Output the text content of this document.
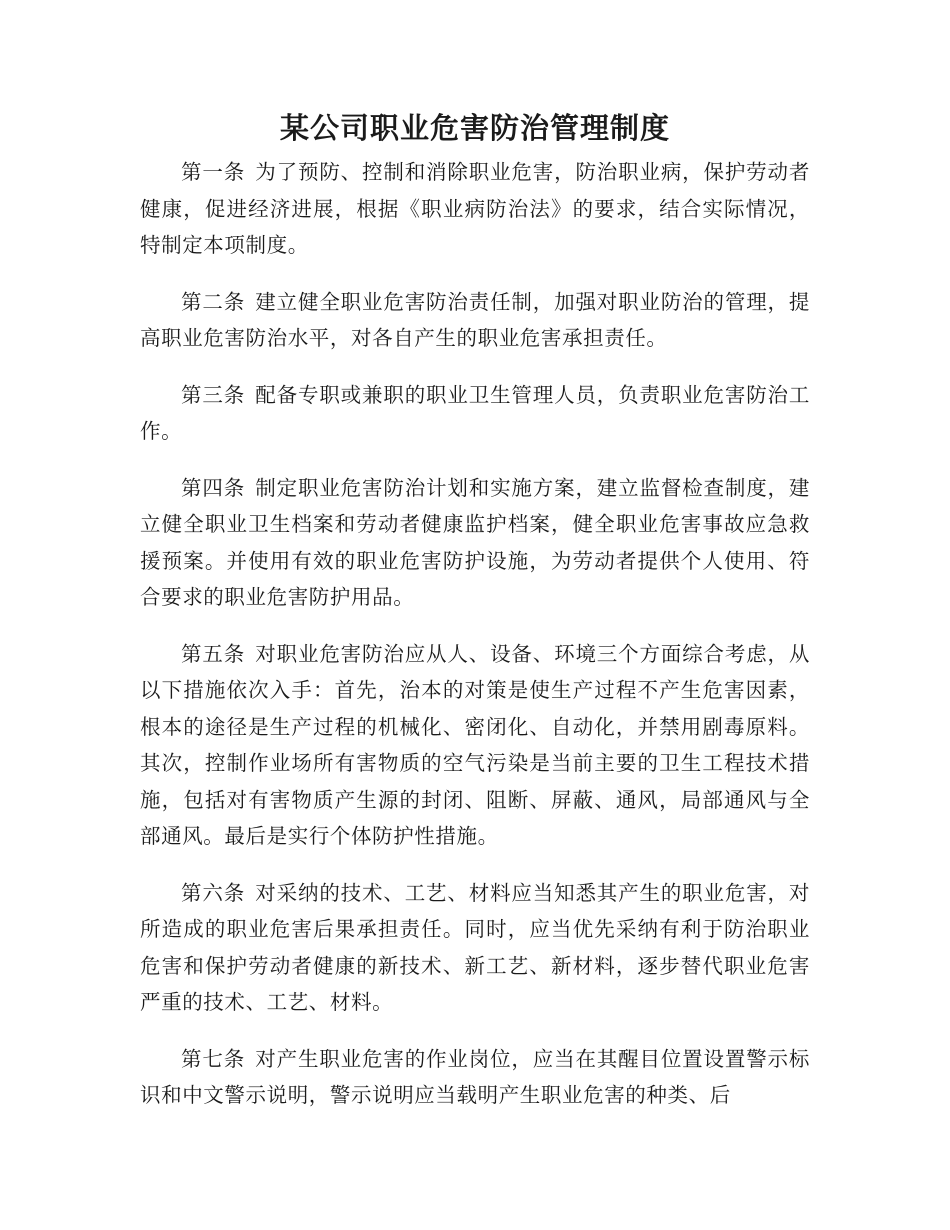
某公司职业危害防治管理制度

第一条 为了预防、控制和消除职业危害，防治职业病，保护劳动者健康，促进经济进展，根据《职业病防治法》的要求，结合实际情况，特制定本项制度。

第二条 建立健全职业危害防治责任制，加强对职业防治的管理，提高职业危害防治水平，对各自产生的职业危害承担责任。

第三条 配备专职或兼职的职业卫生管理人员，负责职业危害防治工作。

第四条 制定职业危害防治计划和实施方案，建立监督检查制度，建立健全职业卫生档案和劳动者健康监护档案，健全职业危害事故应急救援预案。并使用有效的职业危害防护设施，为劳动者提供个人使用、符合要求的职业危害防护用品。

第五条 对职业危害防治应从人、设备、环境三个方面综合考虑，从以下措施依次入手：首先，治本的对策是使生产过程不产生危害因素，根本的途径是生产过程的机械化、密闭化、自动化，并禁用剧毒原料。其次，控制作业场所有害物质的空气污染是当前主要的卫生工程技术措施，包括对有害物质产生源的封闭、阻断、屏蔽、通风，局部通风与全部通风。最后是实行个体防护性措施。

第六条 对采纳的技术、工艺、材料应当知悉其产生的职业危害，对所造成的职业危害后果承担责任。同时，应当优先采纳有利于防治职业危害和保护劳动者健康的新技术、新工艺、新材料，逐步替代职业危害严重的技术、工艺、材料。

第七条 对产生职业危害的作业岗位，应当在其醒目位置设置警示标识和中文警示说明，警示说明应当载明产生职业危害的种类、后
